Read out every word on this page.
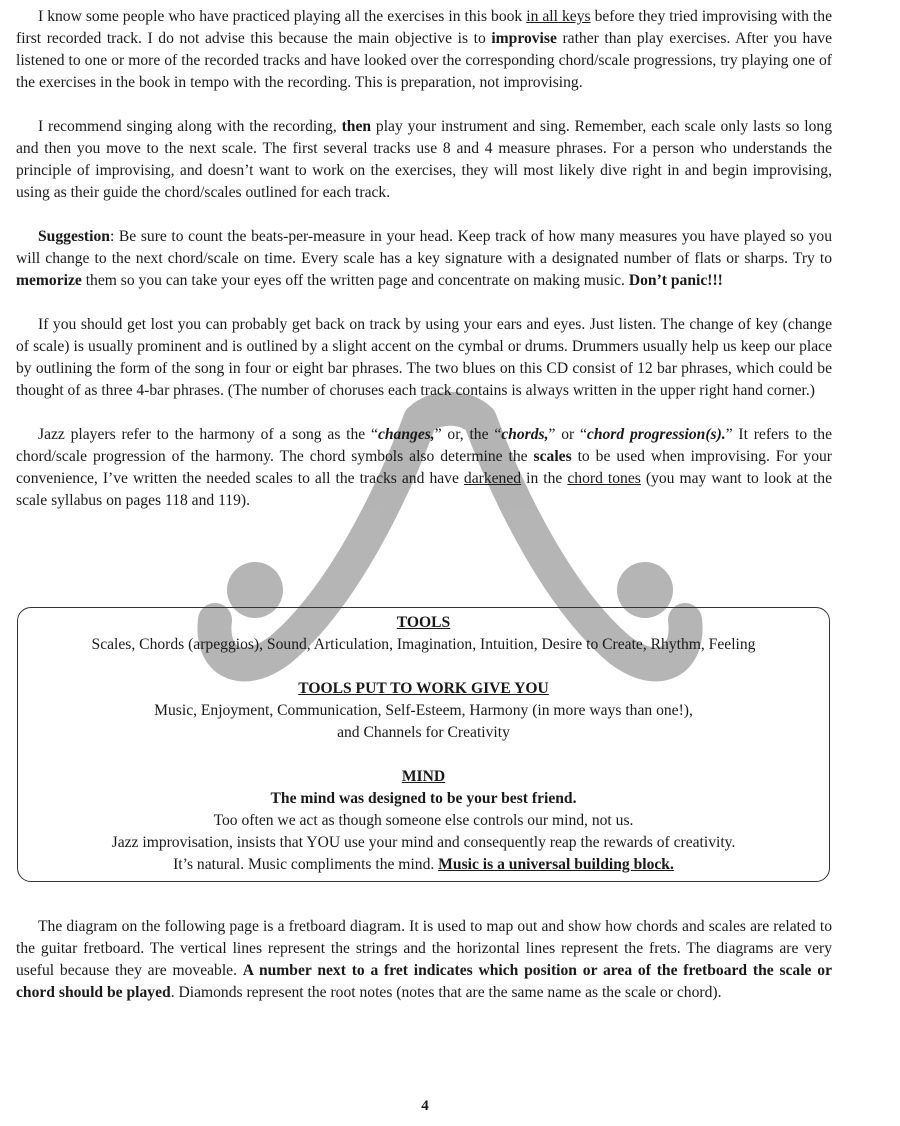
I know some people who have practiced playing all the exercises in this book in all keys before they tried improvising with the first recorded track. I do not advise this because the main objective is to improvise rather than play exercises. After you have listened to one or more of the recorded tracks and have looked over the corresponding chord/scale progressions, try playing one of the exercises in the book in tempo with the recording. This is preparation, not improvising.

I recommend singing along with the recording, then play your instrument and sing. Remember, each scale only lasts so long and then you move to the next scale. The first several tracks use 8 and 4 measure phrases. For a person who understands the principle of improvising, and doesn’t want to work on the exercises, they will most likely dive right in and begin improvising, using as their guide the chord/scales outlined for each track.

Suggestion: Be sure to count the beats-per-measure in your head. Keep track of how many measures you have played so you will change to the next chord/scale on time. Every scale has a key signature with a designated number of flats or sharps. Try to memorize them so you can take your eyes off the written page and concentrate on making music. Don’t panic!!!

If you should get lost you can probably get back on track by using your ears and eyes. Just listen. The change of key (change of scale) is usually prominent and is outlined by a slight accent on the cymbal or drums. Drummers usually help us keep our place by outlining the form of the song in four or eight bar phrases. The two blues on this CD consist of 12 bar phrases, which could be thought of as three 4-bar phrases. (The number of choruses each track contains is always written in the upper right hand corner.)

Jazz players refer to the harmony of a song as the “changes,” or, the “chords,” or “chord progression(s).” It refers to the chord/scale progression of the harmony. The chord symbols also determine the scales to be used when improvising. For your convenience, I’ve written the needed scales to all the tracks and have darkened in the chord tones (you may want to look at the scale syllabus on pages 118 and 119).

TOOLS
Scales, Chords (arpeggios), Sound, Articulation, Imagination, Intuition, Desire to Create, Rhythm, Feeling
TOOLS PUT TO WORK GIVE YOU
Music, Enjoyment, Communication, Self-Esteem, Harmony (in more ways than one!),
and Channels for Creativity
MIND
The mind was designed to be your best friend.
Too often we act as though someone else controls our mind, not us.
Jazz improvisation, insists that YOU use your mind and consequently reap the rewards of creativity.
It’s natural. Music compliments the mind. Music is a universal building block.

The diagram on the following page is a fretboard diagram. It is used to map out and show how chords and scales are related to the guitar fretboard. The vertical lines represent the strings and the horizontal lines represent the frets. The diagrams are very useful because they are moveable. A number next to a fret indicates which position or area of the fretboard the scale or chord should be played. Diamonds represent the root notes (notes that are the same name as the scale or chord).

4
